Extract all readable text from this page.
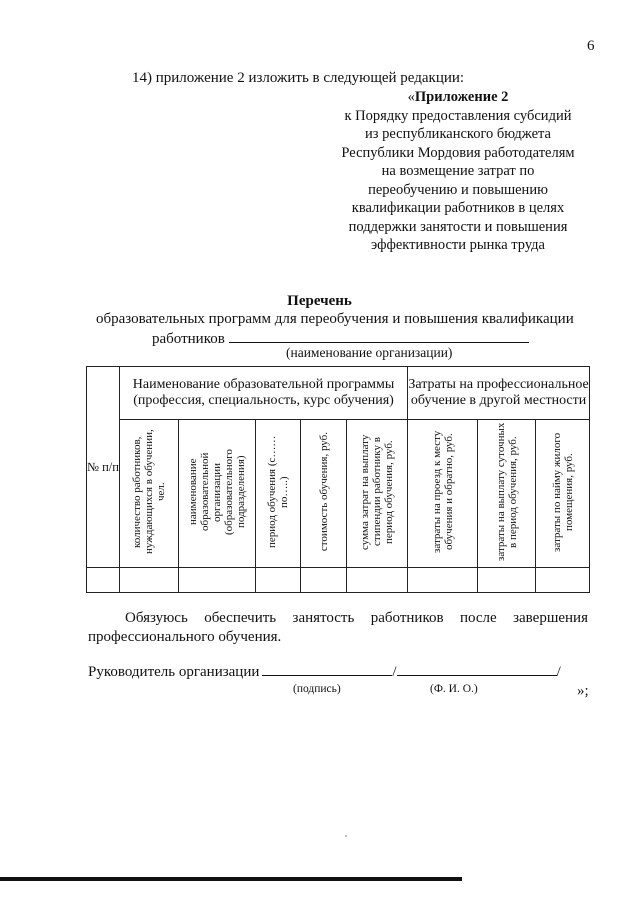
6
14) приложение 2 изложить в следующей редакции:
«Приложение 2
к Порядку предоставления субсидий
из республиканского бюджета
Республики Мордовия работодателям
на возмещение затрат по
переобучению и повышению
квалификации работников в целях
поддержки занятости и повышения
эффективности рынка труда
Перечень
образовательных программ для переобучения и повышения квалификации
работников
(наименование организации)
№ п/п	Наименование образовательной программы (профессия, специальность, курс обучения)					Затраты на профессиональное обучение в другой местности		
	количество работников, нуждающихся в обучении, чел.	наименование образовательной организации (образовательного подразделения)	период обучения (с…… по…..)	стоимость обучения, руб.	сумма затрат на выплату стипендии работнику в период обучения, руб.	затраты на проезд к месту обучения и обратно, руб.	затраты на выплату суточных в период обучения, руб.	затраты по найму жилого помещения, руб.

Обязуюсь обеспечить занятость работников после завершения
профессионального обучения.
Руководитель организации	/	/
(подпись)	(Ф. И. О.)	»;
